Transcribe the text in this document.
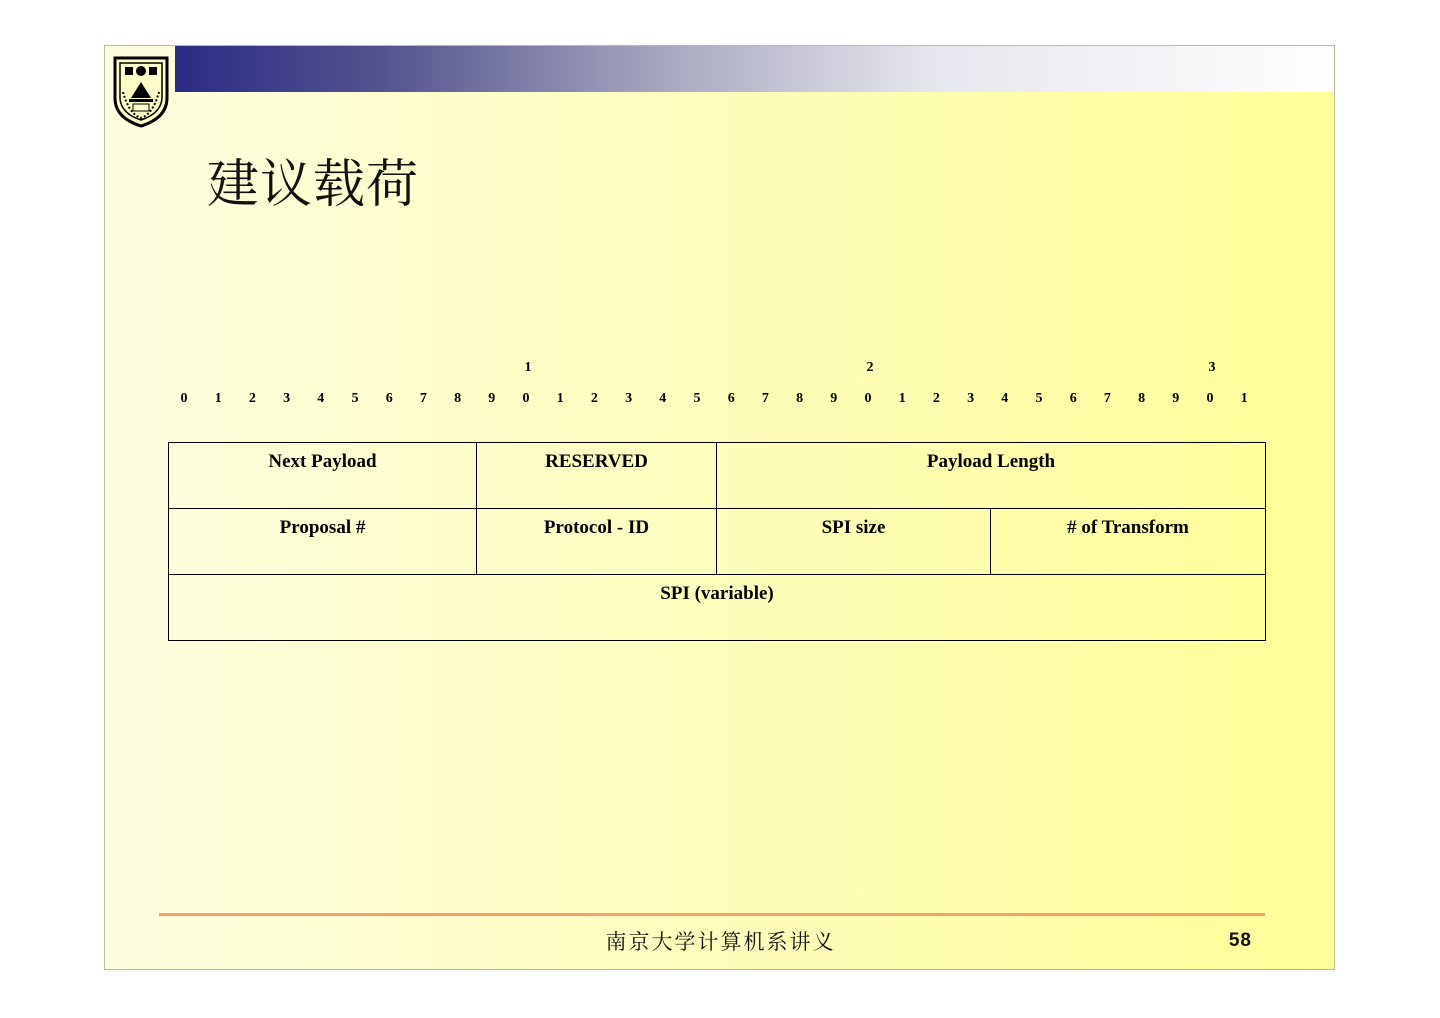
建议载荷
1	2	3
0	1	2	3	4	5	6	7	8	9	0	1	2	3	4	5	6	7	8	9	0	1	2	3	4	5	6	7	8	9	0	1
Next Payload	RESERVED	Payload Length	
Proposal #	Protocol - ID	SPI size	# of Transform
SPI (variable)			
南京大学计算机系讲义	58
